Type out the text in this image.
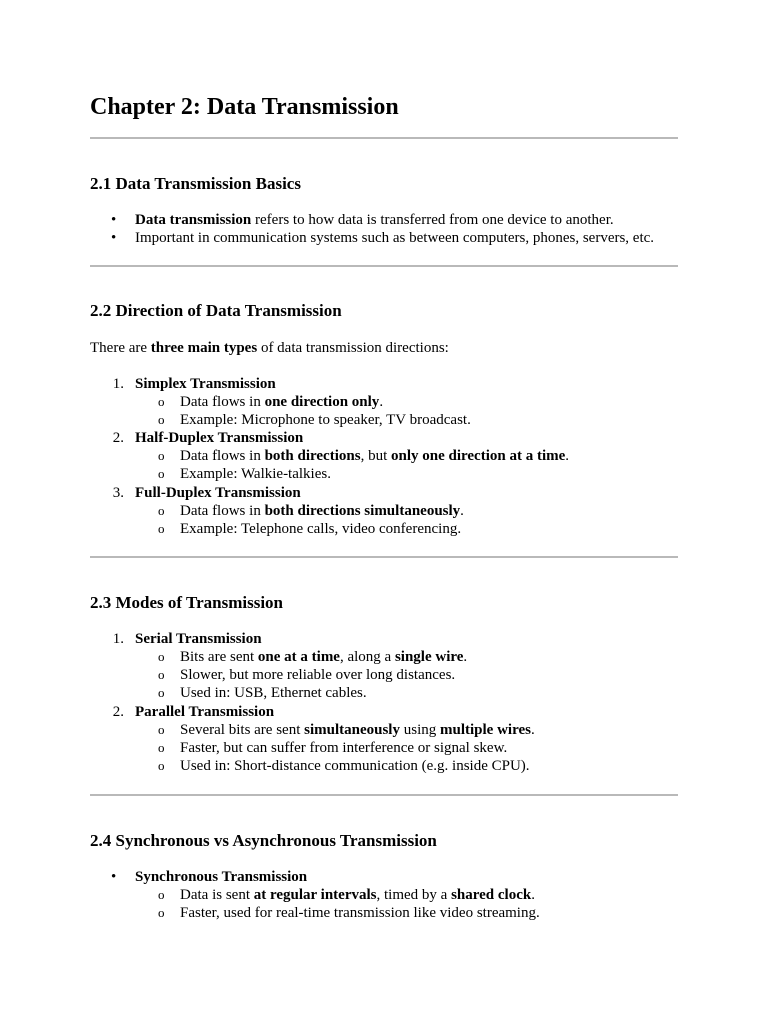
Chapter 2: Data Transmission
2.1 Data Transmission Basics
• Data transmission refers to how data is transferred from one device to another.

• Important in communication systems such as between computers, phones, servers, etc.

2.2 Direction of Data Transmission

There are three main types of data transmission directions:

1. Simplex Transmission

o Data flows in one direction only.

o Example: Microphone to speaker, TV broadcast.

2. Half-Duplex Transmission

o Data flows in both directions, but only one direction at a time.

o Example: Walkie-talkies.

3. Full-Duplex Transmission

o Data flows in both directions simultaneously.

o Example: Telephone calls, video conferencing.

2.3 Modes of Transmission
1. Serial Transmission

o Bits are sent one at a time, along a single wire.

o Slower, but more reliable over long distances.

o Used in: USB, Ethernet cables.

2. Parallel Transmission

o Several bits are sent simultaneously using multiple wires.

o Faster, but can suffer from interference or signal skew.

o Used in: Short-distance communication (e.g. inside CPU).

2.4 Synchronous vs Asynchronous Transmission
• Synchronous Transmission

o Data is sent at regular intervals, timed by a shared clock.

o Faster, used for real-time transmission like video streaming.
